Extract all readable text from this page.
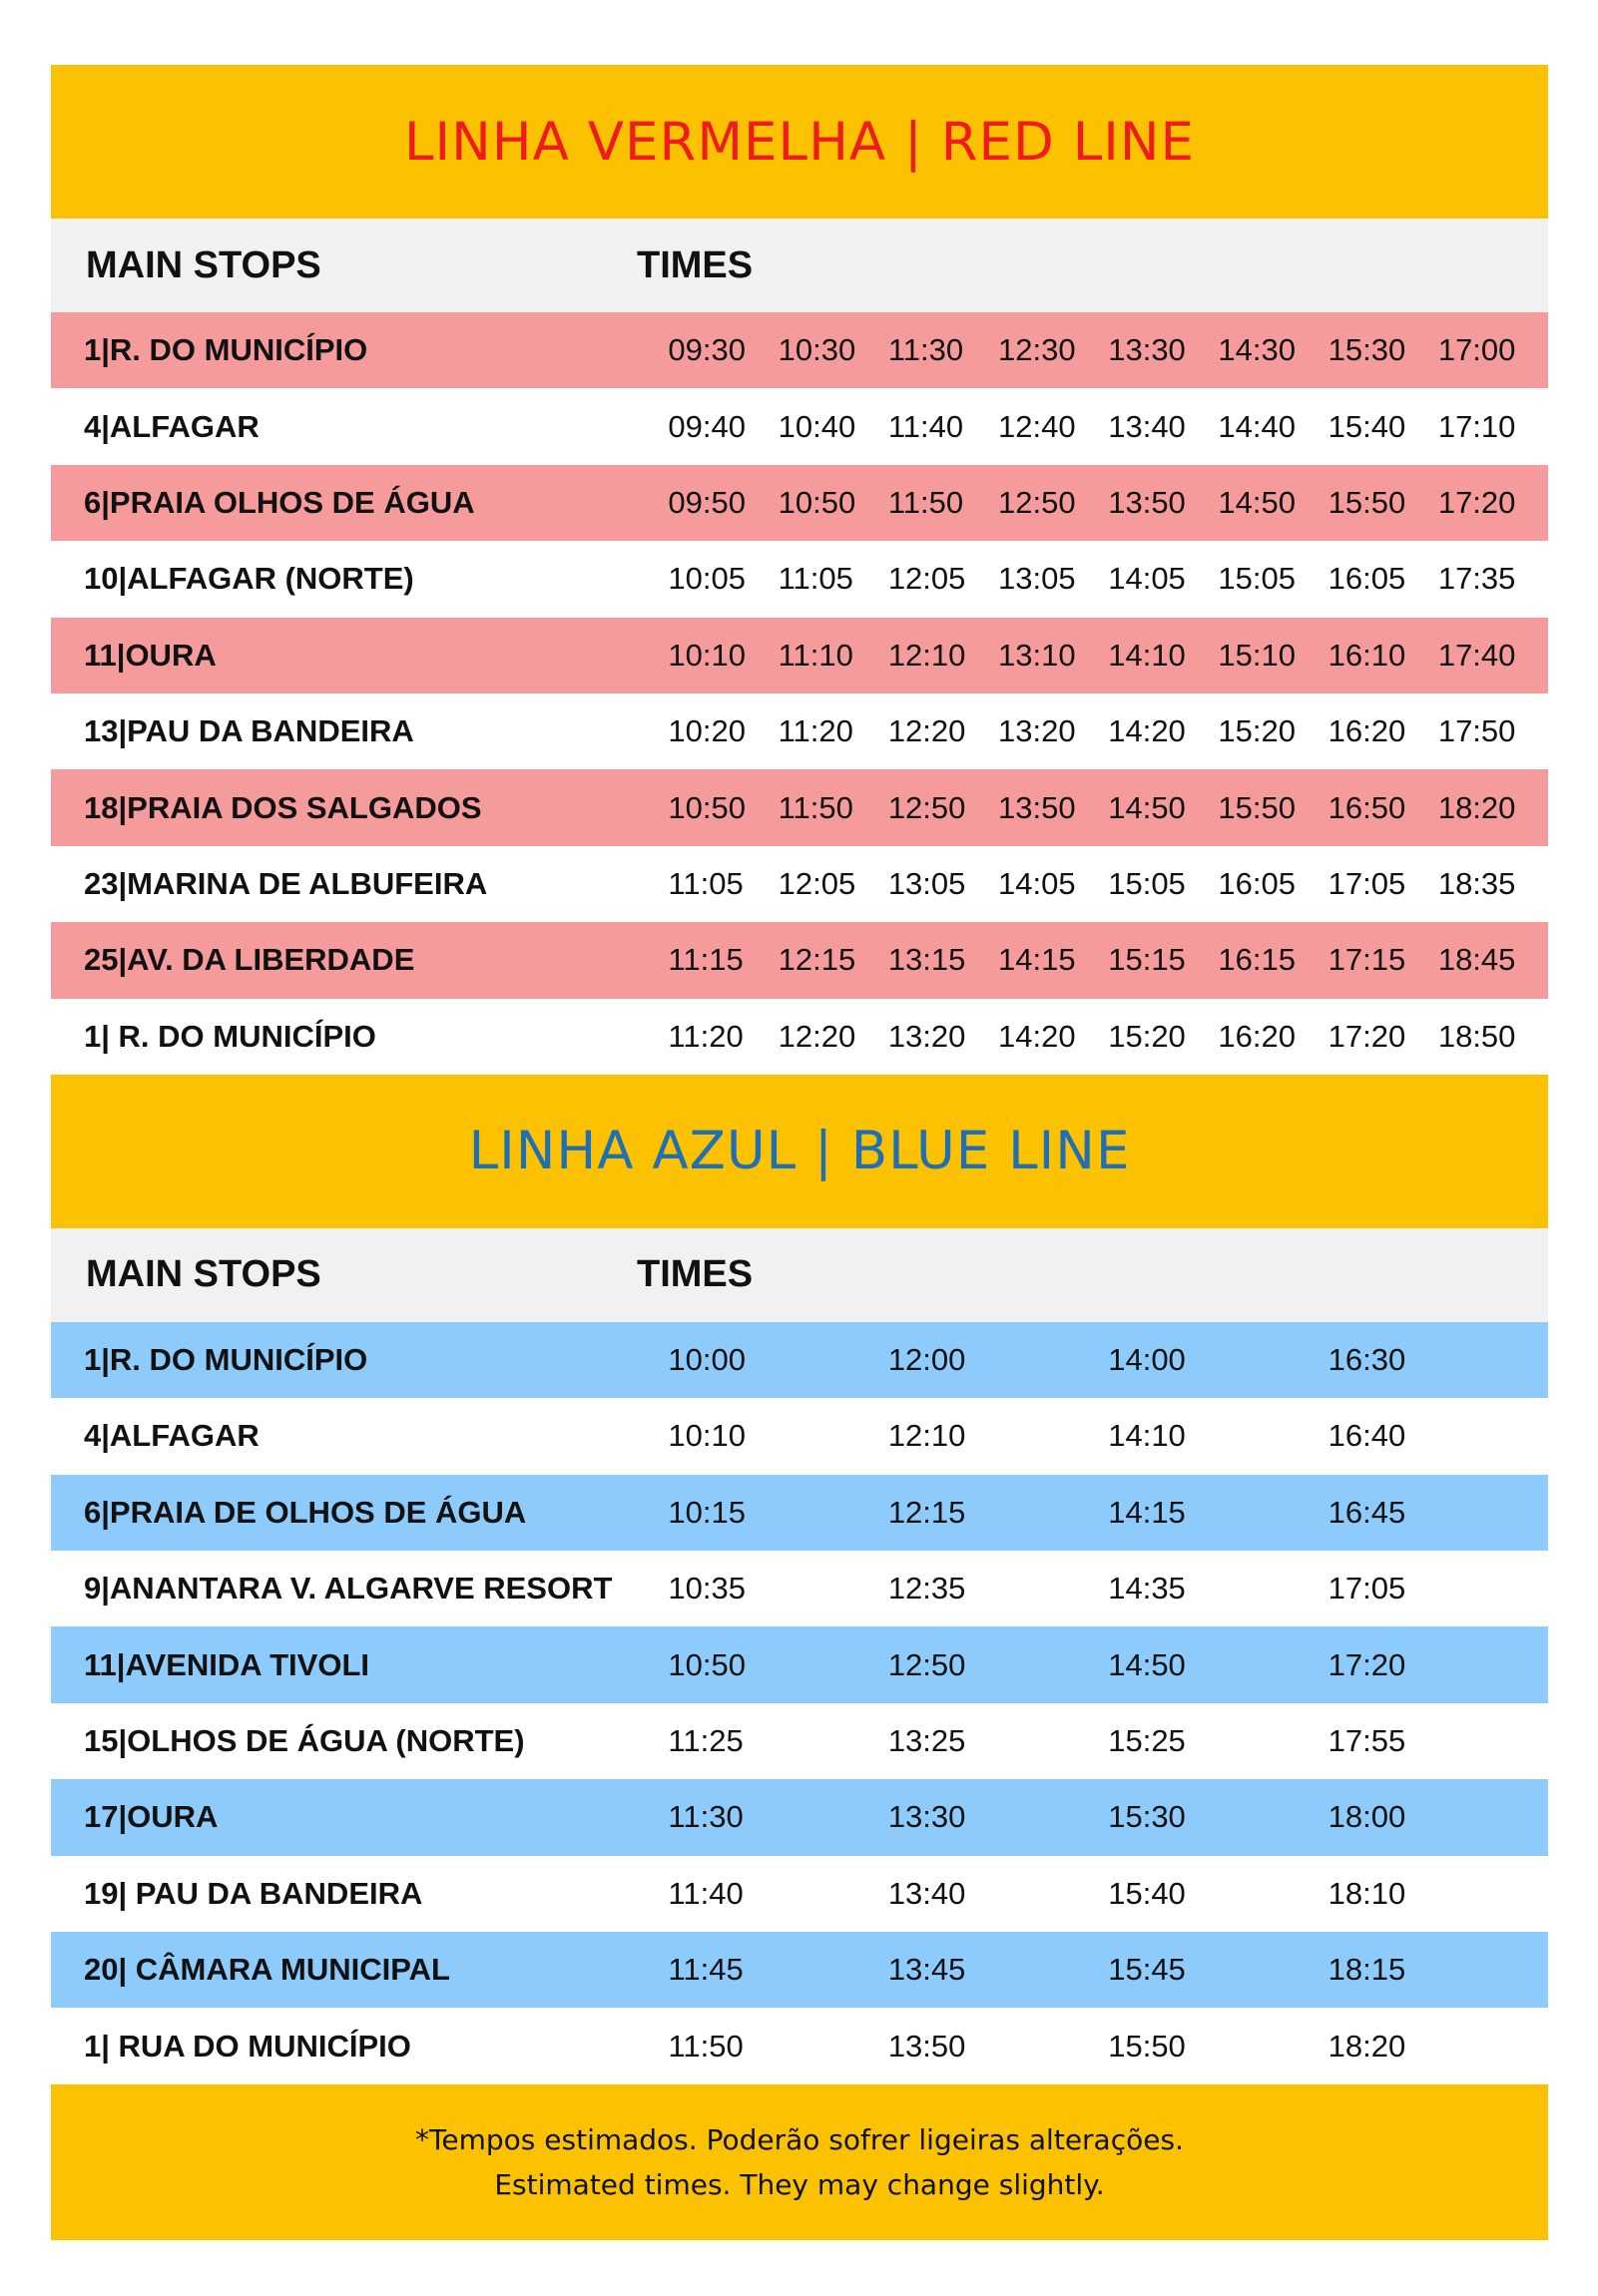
LINHA VERMELHA | RED LINE
MAIN STOPS	TIMES
1|R. DO MUNICÍPIO	09:30	10:30	11:30	12:30	13:30	14:30	15:30	17:00
4|ALFAGAR	09:40	10:40	11:40	12:40	13:40	14:40	15:40	17:10
6|PRAIA OLHOS DE ÁGUA	09:50	10:50	11:50	12:50	13:50	14:50	15:50	17:20
10|ALFAGAR (NORTE)	10:05	11:05	12:05	13:05	14:05	15:05	16:05	17:35
11|OURA	10:10	11:10	12:10	13:10	14:10	15:10	16:10	17:40
13|PAU DA BANDEIRA	10:20	11:20	12:20	13:20	14:20	15:20	16:20	17:50
18|PRAIA DOS SALGADOS	10:50	11:50	12:50	13:50	14:50	15:50	16:50	18:20
23|MARINA DE ALBUFEIRA	11:05	12:05	13:05	14:05	15:05	16:05	17:05	18:35
25|AV. DA LIBERDADE	11:15	12:15	13:15	14:15	15:15	16:15	17:15	18:45
1| R. DO MUNICÍPIO	11:20	12:20	13:20	14:20	15:20	16:20	17:20	18:50
LINHA AZUL | BLUE LINE
MAIN STOPS	TIMES
1|R. DO MUNICÍPIO	10:00	12:00	14:00	16:30
4|ALFAGAR	10:10	12:10	14:10	16:40
6|PRAIA DE OLHOS DE ÁGUA	10:15	12:15	14:15	16:45
9|ANANTARA V. ALGARVE RESORT	10:35	12:35	14:35	17:05
11|AVENIDA TIVOLI	10:50	12:50	14:50	17:20
15|OLHOS DE ÁGUA (NORTE)	11:25	13:25	15:25	17:55
17|OURA	11:30	13:30	15:30	18:00
19| PAU DA BANDEIRA	11:40	13:40	15:40	18:10
20| CÂMARA MUNICIPAL	11:45	13:45	15:45	18:15
1| RUA DO MUNICÍPIO	11:50	13:50	15:50	18:20
*Tempos estimados. Poderão sofrer ligeiras alterações.
Estimated times. They may change slightly.
